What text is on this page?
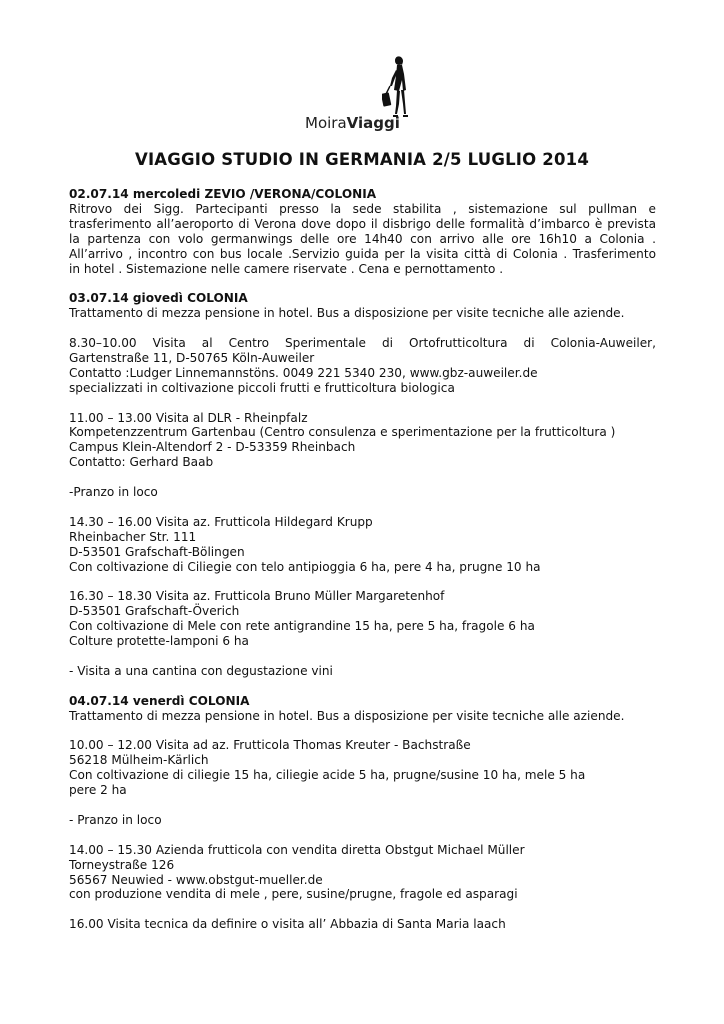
MoiraViaggi
VIAGGIO STUDIO IN GERMANIA 2/5 LUGLIO 2014

02.07.14 mercoledi ZEVIO /VERONA/COLONIA

Ritrovo dei Sigg. Partecipanti presso la sede stabilita , sistemazione sul pullman e

trasferimento all’aeroporto di Verona dove dopo il disbrigo delle formalità d’imbarco è prevista

la partenza con volo germanwings delle ore 14h40 con arrivo alle ore 16h10 a Colonia .

All’arrivo , incontro con bus locale .Servizio guida per la visita città di Colonia . Trasferimento

in hotel . Sistemazione nelle camere riservate . Cena e pernottamento .

03.07.14 giovedì COLONIA

Trattamento di mezza pensione in hotel. Bus a disposizione per visite tecniche alle aziende.

8.30–10.00 Visita al Centro Sperimentale di Ortofrutticoltura di Colonia-Auweiler,

Gartenstraße 11, D-50765 Köln-Auweiler

Contatto :Ludger Linnemannstöns. 0049 221 5340 230, www.gbz-auweiler.de

specializzati in coltivazione piccoli frutti e frutticoltura biologica

11.00 – 13.00 Visita al DLR - Rheinpfalz

Kompetenzzentrum Gartenbau (Centro consulenza e sperimentazione per la frutticoltura )

Campus Klein-Altendorf 2 - D-53359 Rheinbach

Contatto: Gerhard Baab

-Pranzo in loco

14.30 – 16.00 Visita az. Frutticola Hildegard Krupp

Rheinbacher Str. 111

D-53501 Grafschaft-Bölingen

Con coltivazione di Ciliegie con telo antipioggia 6 ha, pere 4 ha, prugne 10 ha

16.30 – 18.30 Visita az. Frutticola Bruno Müller Margaretenhof

D-53501 Grafschaft-Överich

Con coltivazione di Mele con rete antigrandine 15 ha, pere 5 ha, fragole 6 ha

Colture protette-lamponi 6 ha

- Visita a una cantina con degustazione vini

04.07.14 venerdì COLONIA

Trattamento di mezza pensione in hotel. Bus a disposizione per visite tecniche alle aziende.

10.00 – 12.00 Visita ad az. Frutticola Thomas Kreuter - Bachstraße

56218 Mülheim-Kärlich

Con coltivazione di ciliegie 15 ha, ciliegie acide 5 ha, prugne/susine 10 ha, mele 5 ha

pere 2 ha

- Pranzo in loco

14.00 – 15.30 Azienda frutticola con vendita diretta Obstgut Michael Müller

Torneystraße 126

56567 Neuwied - www.obstgut-mueller.de

con produzione vendita di mele , pere, susine/prugne, fragole ed asparagi

16.00 Visita tecnica da definire o visita all’ Abbazia di Santa Maria laach
